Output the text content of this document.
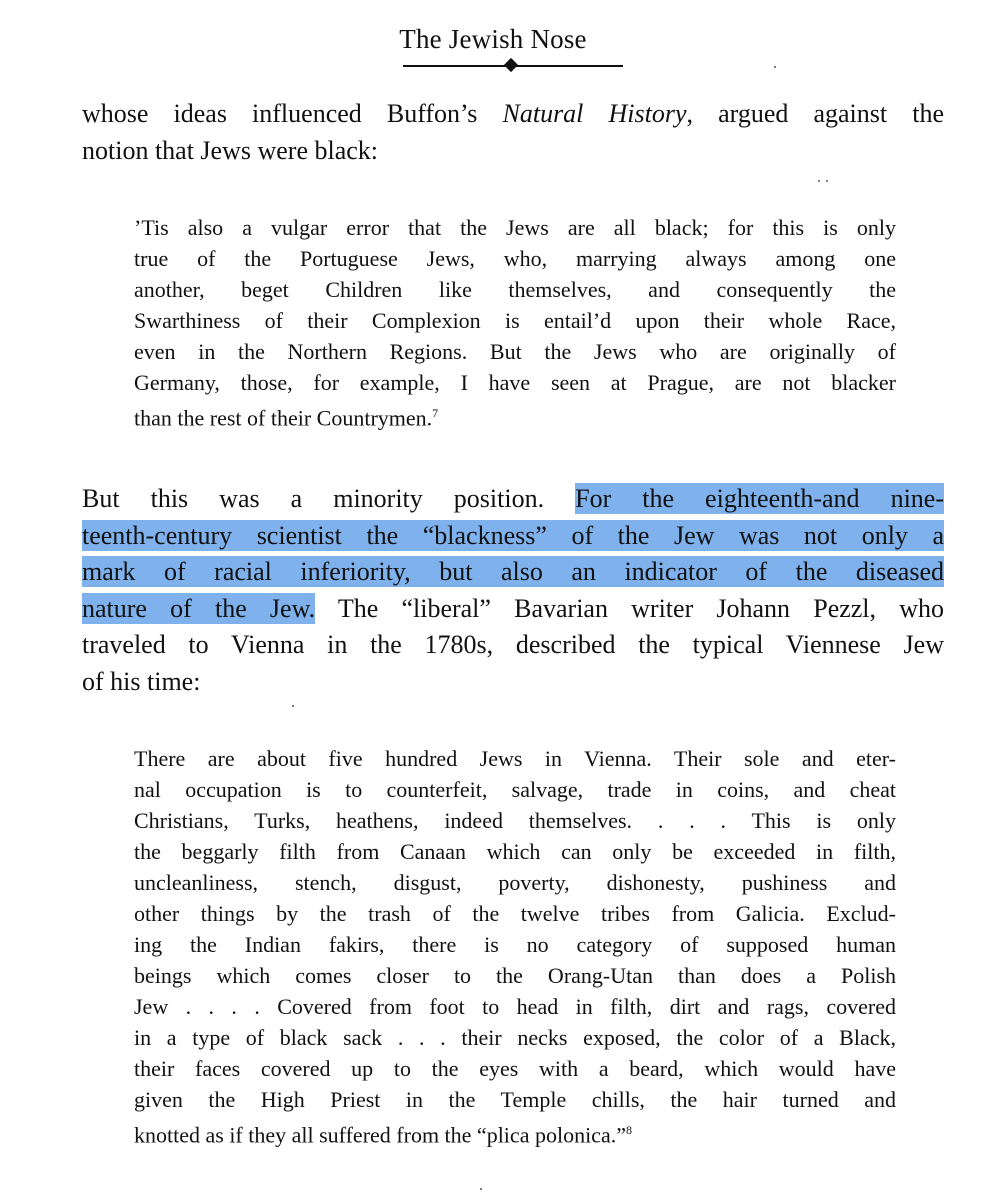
The Jewish Nose
whose ideas influenced Buffon’s Natural History, argued against the
notion that Jews were black:
’Tis also a vulgar error that the Jews are all black; for this is only
true of the Portuguese Jews, who, marrying always among one
another, beget Children like themselves, and consequently the
Swarthiness of their Complexion is entail’d upon their whole Race,
even in the Northern Regions. But the Jews who are originally of
Germany, those, for example, I have seen at Prague, are not blacker
than the rest of their Countrymen.$^7$
But this was a minority position. For the eighteenth-and nine-
teenth-century scientist the “blackness” of the Jew was not only a
mark of racial inferiority, but also an indicator of the diseased
nature of the Jew. The “liberal” Bavarian writer Johann Pezzl, who
traveled to Vienna in the 1780s, described the typical Viennese Jew
of his time:
There are about five hundred Jews in Vienna. Their sole and eter-
nal occupation is to counterfeit, salvage, trade in coins, and cheat
Christians, Turks, heathens, indeed themselves. . . . This is only
the beggarly filth from Canaan which can only be exceeded in filth,
uncleanliness, stench, disgust, poverty, dishonesty, pushiness and
other things by the trash of the twelve tribes from Galicia. Exclud-
ing the Indian fakirs, there is no category of supposed human
beings which comes closer to the Orang-Utan than does a Polish
Jew . . . . Covered from foot to head in filth, dirt and rags, covered
in a type of black sack . . . their necks exposed, the color of a Black,
their faces covered up to the eyes with a beard, which would have
given the High Priest in the Temple chills, the hair turned and
knotted as if they all suffered from the “plica polonica.”$^8$
